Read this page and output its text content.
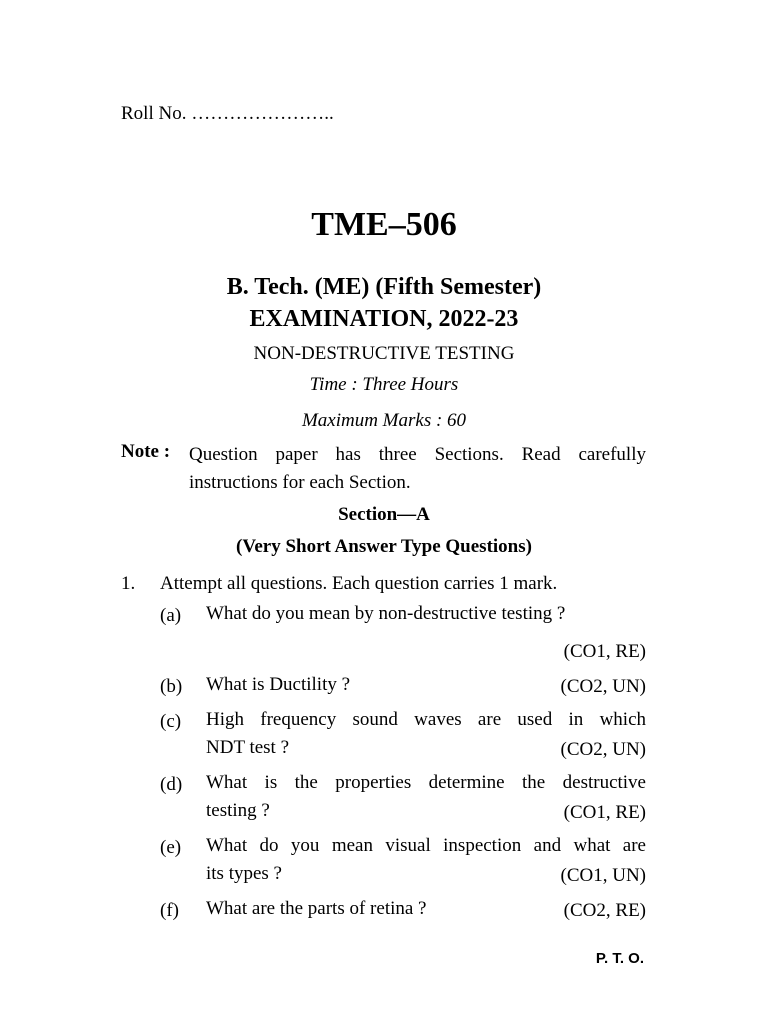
Roll No. …………………..
TME–506
B. Tech. (ME) (Fifth Semester)
EXAMINATION, 2022-23
NON-DESTRUCTIVE TESTING
Time : Three Hours
Maximum Marks : 60
Note : Question paper has three Sections. Read carefully
instructions for each Section.
Section—A
(Very Short Answer Type Questions)
1. Attempt all questions. Each question carries 1 mark.
(a) What do you mean by non-destructive testing ?
(CO1, RE)
(b) What is Ductility ?	(CO2, UN)
(c) High frequency sound waves are used in which
NDT test ?	(CO2, UN)
(d) What is the properties determine the destructive
testing ?	(CO1, RE)
(e) What do you mean visual inspection and what are
its types ?	(CO1, UN)
(f) What are the parts of retina ?	(CO2, RE)
P. T. O.
